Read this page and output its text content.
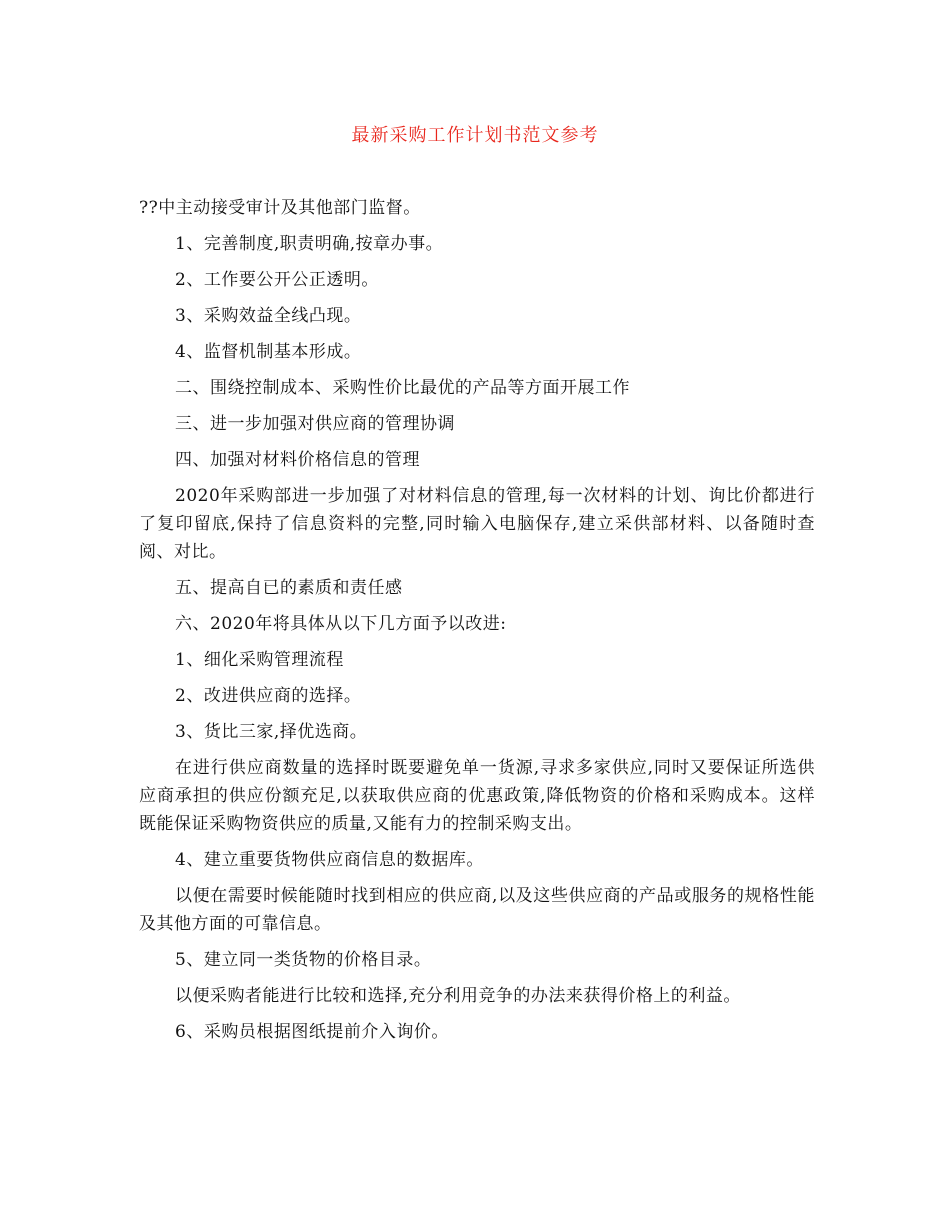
最新采购工作计划书范文参考

??中主动接受审计及其他部门监督。

1、完善制度,职责明确,按章办事。

2、工作要公开公正透明。

3、采购效益全线凸现。

4、监督机制基本形成。

二、围绕控制成本、采购性价比最优的产品等方面开展工作

三、进一步加强对供应商的管理协调

四、加强对材料价格信息的管理

2020年采购部进一步加强了对材料信息的管理,每一次材料的计划、询比价都进行了复印留底,保持了信息资料的完整,同时输入电脑保存,建立采供部材料、以备随时查阅、对比。

五、提高自已的素质和责任感

六、2020年将具体从以下几方面予以改进:

1、细化采购管理流程

2、改进供应商的选择。

3、货比三家,择优选商。

在进行供应商数量的选择时既要避免单一货源,寻求多家供应,同时又要保证所选供应商承担的供应份额充足,以获取供应商的优惠政策,降低物资的价格和采购成本。这样既能保证采购物资供应的质量,又能有力的控制采购支出。

4、建立重要货物供应商信息的数据库。

以便在需要时候能随时找到相应的供应商,以及这些供应商的产品或服务的规格性能及其他方面的可靠信息。

5、建立同一类货物的价格目录。

以便采购者能进行比较和选择,充分利用竞争的办法来获得价格上的利益。

6、采购员根据图纸提前介入询价。
